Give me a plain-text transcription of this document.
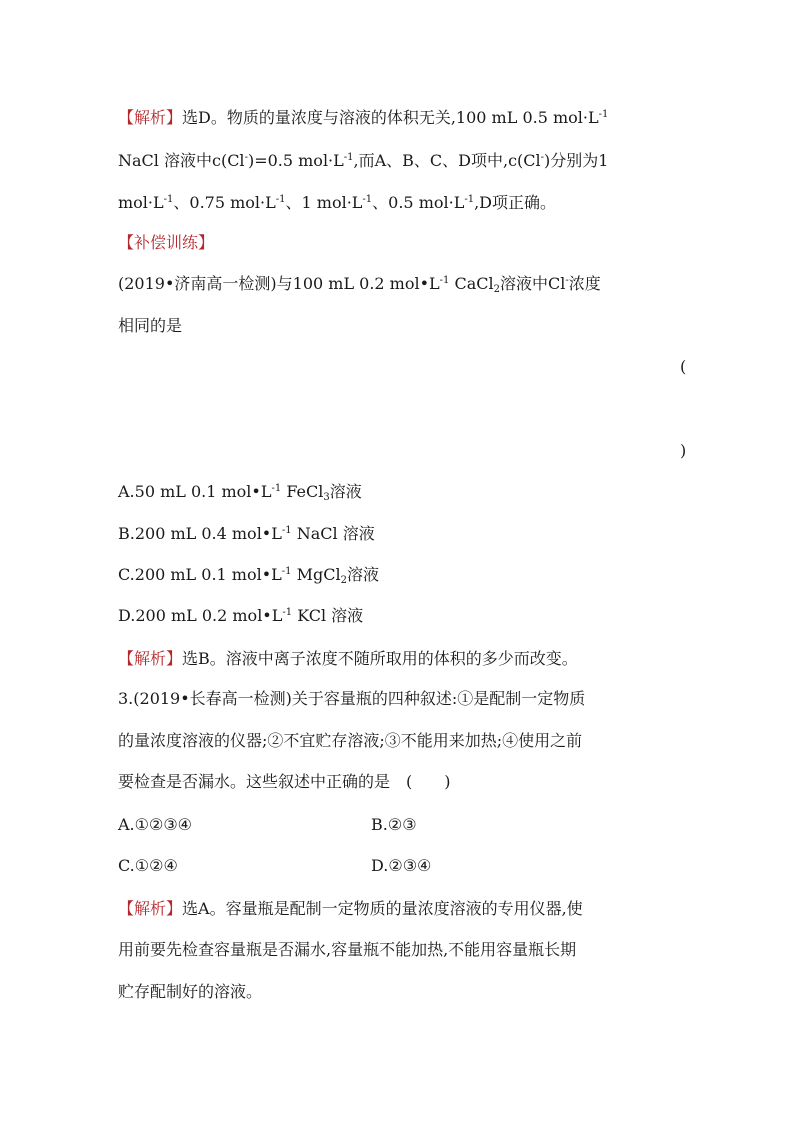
【解析】选D。物质的量浓度与溶液的体积无关,100 mL 0.5 $mol\cdot L^{-1}$
NaCl 溶液中c(Cl-)=0.5 $mol\cdot L^{-1}$,而A、B、C、D项中,c(Cl-)分别为1
$mol\cdot L^{-1}$、0.75 $mol\cdot L^{-1}$、1 $mol\cdot L^{-1}$、0.5 $mol\cdot L^{-1},D$项正确。
【补偿训练】
(2019•济南高一检测)与100 mL 0.2 $mol•L^{-1}$ CaCl$_2$溶液中Cl-浓度
相同的是
(
)
A.50 mL 0.1 $mol•L^{-1}$ FeCl$_3$溶液
B.200 mL 0.4 $mol•L^{-1}$ NaCl 溶液
C.200 mL 0.1 $mol•L^{-1}$ MgCl$_2$溶液
D.200 mL 0.2 $mol•L^{-1}$ KCl 溶液
【解析】选B。溶液中离子浓度不随所取用的体积的多少而改变。
3.(2019•长春高一检测)关于容量瓶的四种叙述:①是配制一定物质
的量浓度溶液的仪器;②不宜贮存溶液;③不能用来加热;④使用之前
要检查是否漏水。这些叙述中正确的是　(　　)
A.①②③④	B.②③
C.①②④	D.②③④
【解析】选A。容量瓶是配制一定物质的量浓度溶液的专用仪器,使
用前要先检查容量瓶是否漏水,容量瓶不能加热,不能用容量瓶长期
贮存配制好的溶液。
